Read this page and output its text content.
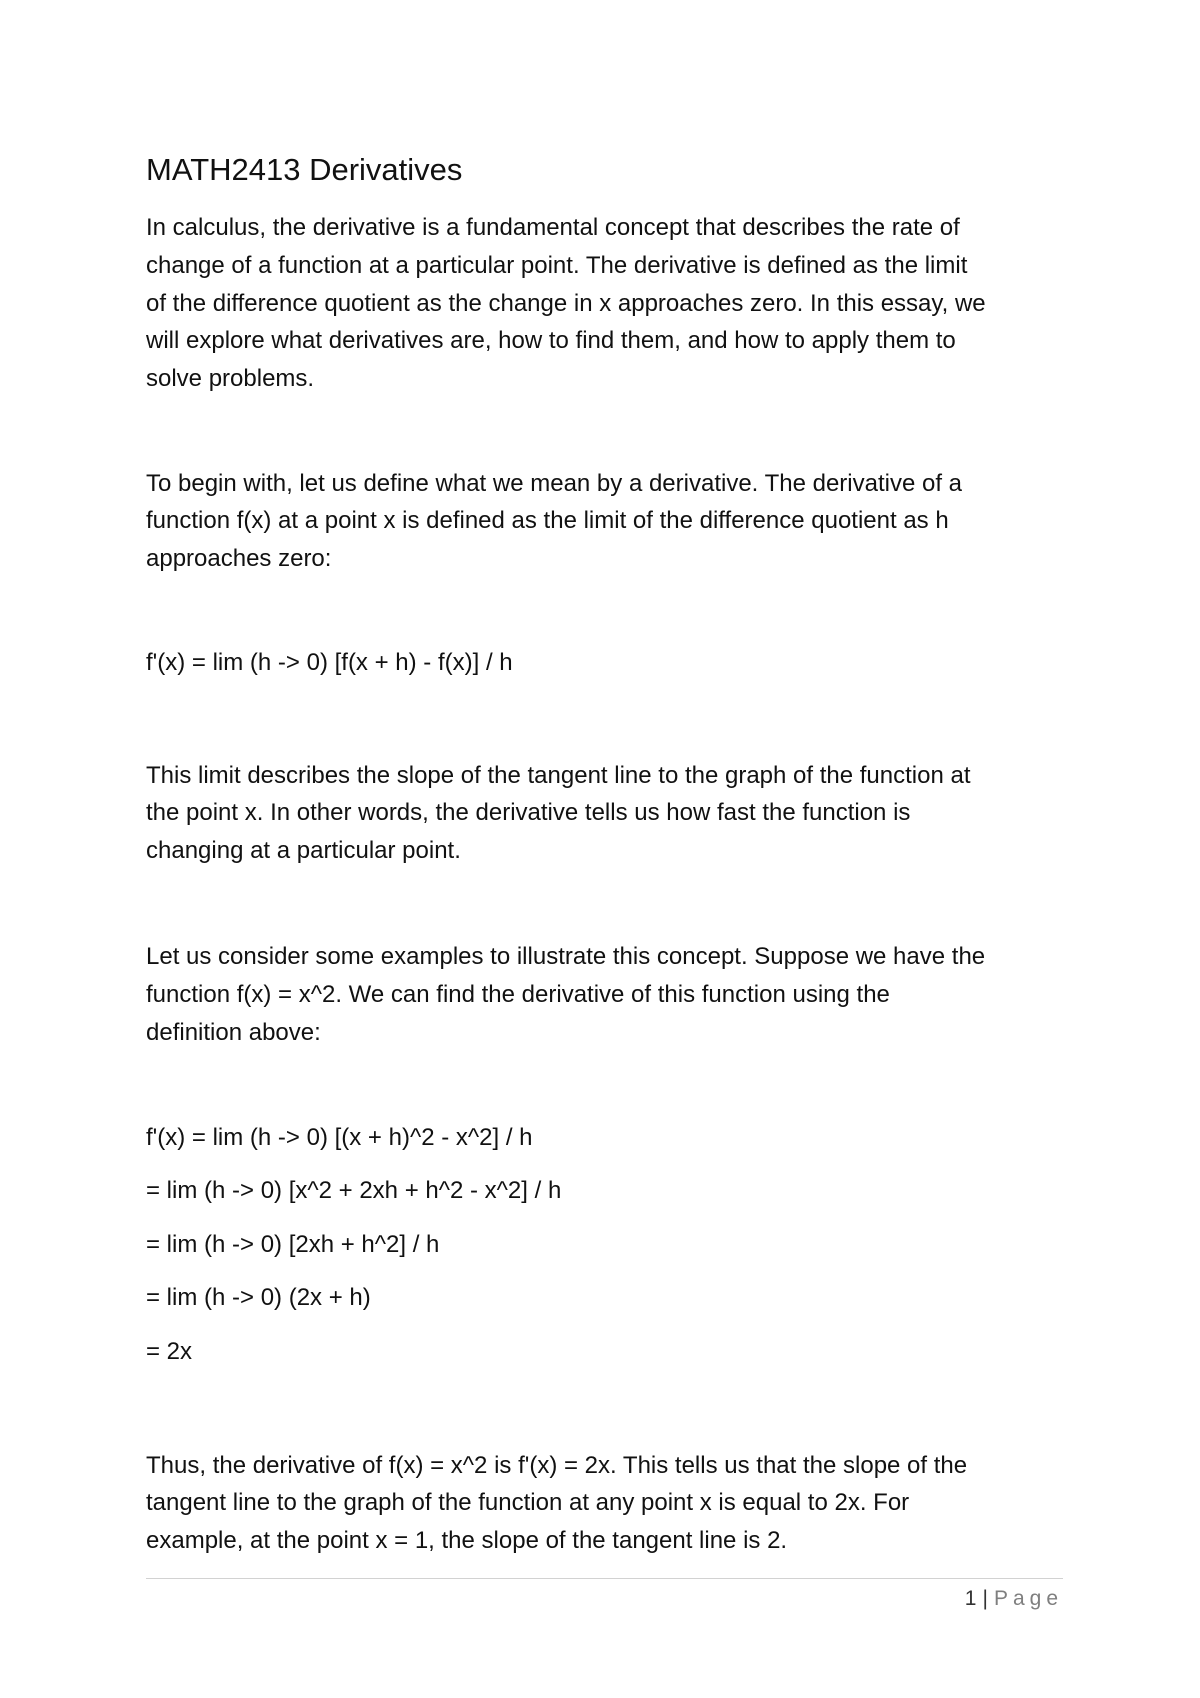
MATH2413 Derivatives
In calculus, the derivative is a fundamental concept that describes the rate of
change of a function at a particular point. The derivative is defined as the limit
of the difference quotient as the change in x approaches zero. In this essay, we
will explore what derivatives are, how to find them, and how to apply them to
solve problems.
To begin with, let us define what we mean by a derivative. The derivative of a
function f(x) at a point x is defined as the limit of the difference quotient as h
approaches zero:
f'(x) = lim (h -> 0) [f(x + h) - f(x)] / h
This limit describes the slope of the tangent line to the graph of the function at
the point x. In other words, the derivative tells us how fast the function is
changing at a particular point.
Let us consider some examples to illustrate this concept. Suppose we have the
function f(x) = x^2. We can find the derivative of this function using the
definition above:
f'(x) = lim (h -> 0) [(x + h)^2 - x^2] / h
= lim (h -> 0) [x^2 + 2xh + h^2 - x^2] / h
= lim (h -> 0) [2xh + h^2] / h
= lim (h -> 0) (2x + h)
= 2x
Thus, the derivative of f(x) = x^2 is f'(x) = 2x. This tells us that the slope of the
tangent line to the graph of the function at any point x is equal to 2x. For
example, at the point x = 1, the slope of the tangent line is 2.
1 | Page
